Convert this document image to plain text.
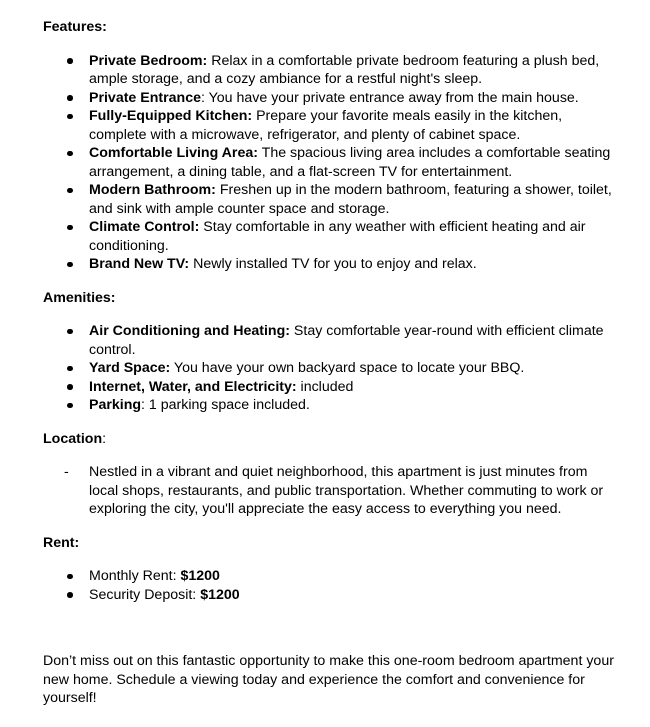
Features:
Private Bedroom: Relax in a comfortable private bedroom featuring a plush bed, ample storage, and a cozy ambiance for a restful night's sleep.
Private Entrance: You have your private entrance away from the main house.
Fully-Equipped Kitchen: Prepare your favorite meals easily in the kitchen, complete with a microwave, refrigerator, and plenty of cabinet space.
Comfortable Living Area: The spacious living area includes a comfortable seating arrangement, a dining table, and a flat-screen TV for entertainment.
Modern Bathroom: Freshen up in the modern bathroom, featuring a shower, toilet, and sink with ample counter space and storage.
Climate Control: Stay comfortable in any weather with efficient heating and air conditioning.
Brand New TV: Newly installed TV for you to enjoy and relax.
Amenities:
Air Conditioning and Heating: Stay comfortable year-round with efficient climate control.
Yard Space: You have your own backyard space to locate your BBQ.
Internet, Water, and Electricity: included
Parking: 1 parking space included.
Location:
-	Nestled in a vibrant and quiet neighborhood, this apartment is just minutes from local shops, restaurants, and public transportation. Whether commuting to work or exploring the city, you'll appreciate the easy access to everything you need.
Rent:
Monthly Rent: $1200
Security Deposit: $1200

Don’t miss out on this fantastic opportunity to make this one-room bedroom apartment your new home. Schedule a viewing today and experience the comfort and convenience for yourself!
